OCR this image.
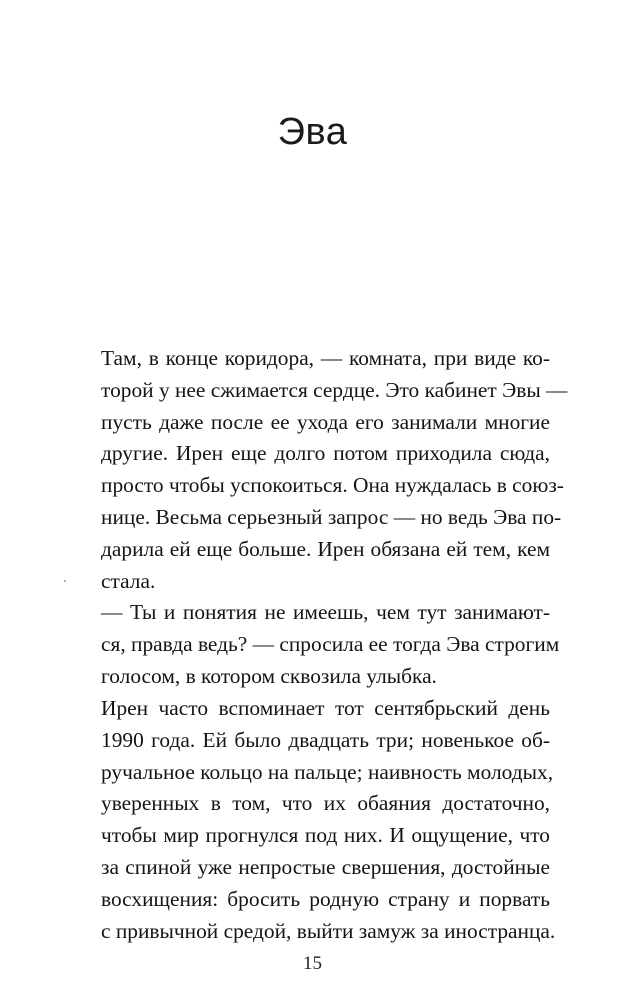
Эва
Там, в конце коридора, — комната, при виде ко-
торой у нее сжимается сердце. Это кабинет Эвы —
пусть даже после ее ухода его занимали многие
другие. Ирен еще долго потом приходила сюда,
просто чтобы успокоиться. Она нуждалась в союз-
нице. Весьма серьезный запрос — но ведь Эва по-
дарила ей еще больше. Ирен обязана ей тем, кем
стала.
— Ты и понятия не имеешь, чем тут занимают-
ся, правда ведь? — спросила ее тогда Эва строгим
голосом, в котором сквозила улыбка.
Ирен часто вспоминает тот сентябрьский день
1990 года. Ей было двадцать три; новенькое об-
ручальное кольцо на пальце; наивность молодых,
уверенных в том, что их обаяния достаточно,
чтобы мир прогнулся под них. И ощущение, что
за спиной уже непростые свершения, достойные
восхищения: бросить родную страну и порвать
с привычной средой, выйти замуж за иностранца.
15
